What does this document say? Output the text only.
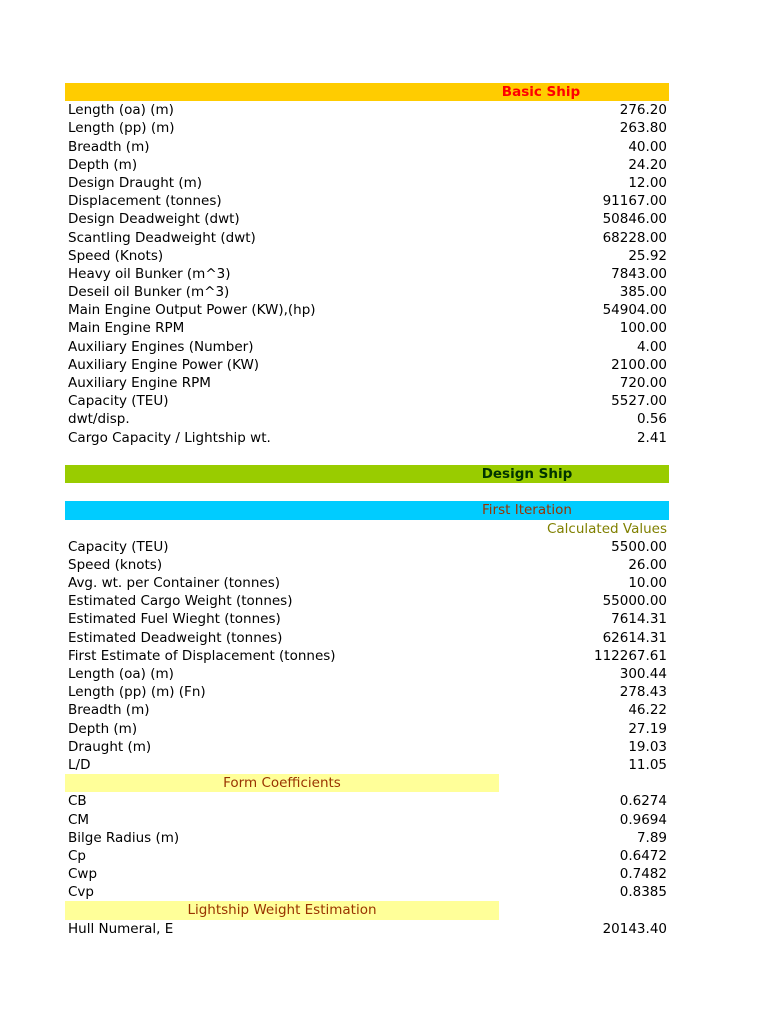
Basic Ship
Length (oa) (m)	276.20
Length (pp) (m)	263.80
Breadth (m)	40.00
Depth (m)	24.20
Design Draught (m)	12.00
Displacement (tonnes)	91167.00
Design Deadweight (dwt)	50846.00
Scantling Deadweight (dwt)	68228.00
Speed (Knots)	25.92
Heavy oil Bunker (m^3)	7843.00
Deseil oil Bunker (m^3)	385.00
Main Engine Output Power (KW),(hp)	54904.00
Main Engine RPM	100.00
Auxiliary Engines (Number)	4.00
Auxiliary Engine Power (KW)	2100.00
Auxiliary Engine RPM	720.00
Capacity (TEU)	5527.00
dwt/disp.	0.56
Cargo Capacity / Lightship wt.	2.41
Design Ship
First Iteration
Calculated Values
Capacity (TEU)	5500.00
Speed (knots)	26.00
Avg. wt. per Container (tonnes)	10.00
Estimated Cargo Weight (tonnes)	55000.00
Estimated Fuel Wieght (tonnes)	7614.31
Estimated Deadweight (tonnes)	62614.31
First Estimate of Displacement (tonnes)	112267.61
Length (oa) (m)	300.44
Length (pp) (m) (Fn)	278.43
Breadth (m)	46.22
Depth (m)	27.19
Draught (m)	19.03
L/D	11.05
Form Coefficients
CB	0.6274
CM	0.9694
Bilge Radius (m)	7.89
Cp	0.6472
Cwp	0.7482
Cvp	0.8385
Lightship Weight Estimation
Hull Numeral, E	20143.40
